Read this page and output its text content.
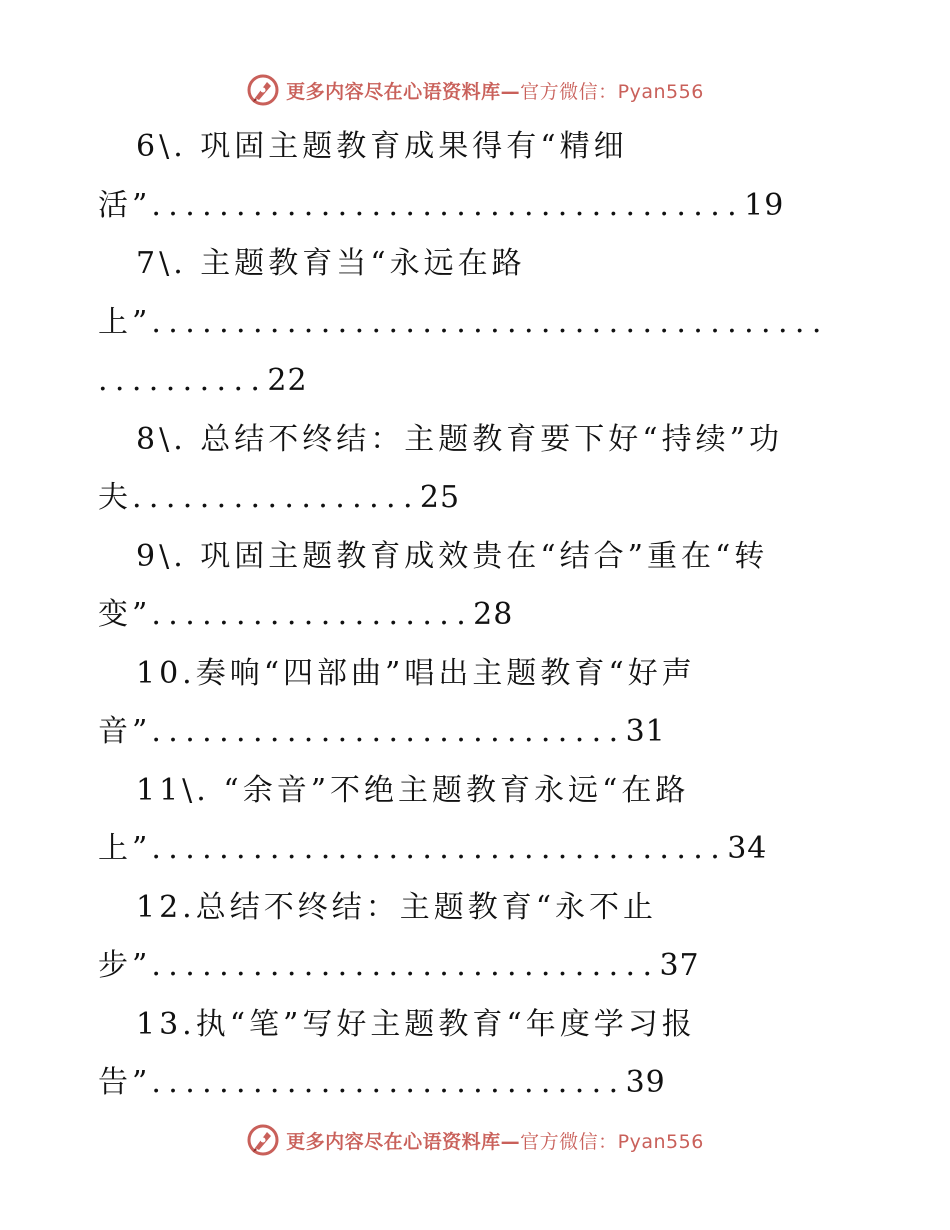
更多内容尽在心语资料库—官方微信：Pyan556
6\. 巩固主题教育成果得有“精细
活”...................................19
7\. 主题教育当“永远在路
上”........................................
..........22
8\. 总结不终结：主题教育要下好“持续”功
夫.................25
9\. 巩固主题教育成效贵在“结合”重在“转
变”...................28
10.奏响“四部曲”唱出主题教育“好声
音”............................31
11\. “余音”不绝主题教育永远“在路
上”..................................34
12.总结不终结：主题教育“永不止
步”..............................37
13.执“笔”写好主题教育“年度学习报
告”............................39
更多内容尽在心语资料库—官方微信：Pyan556
